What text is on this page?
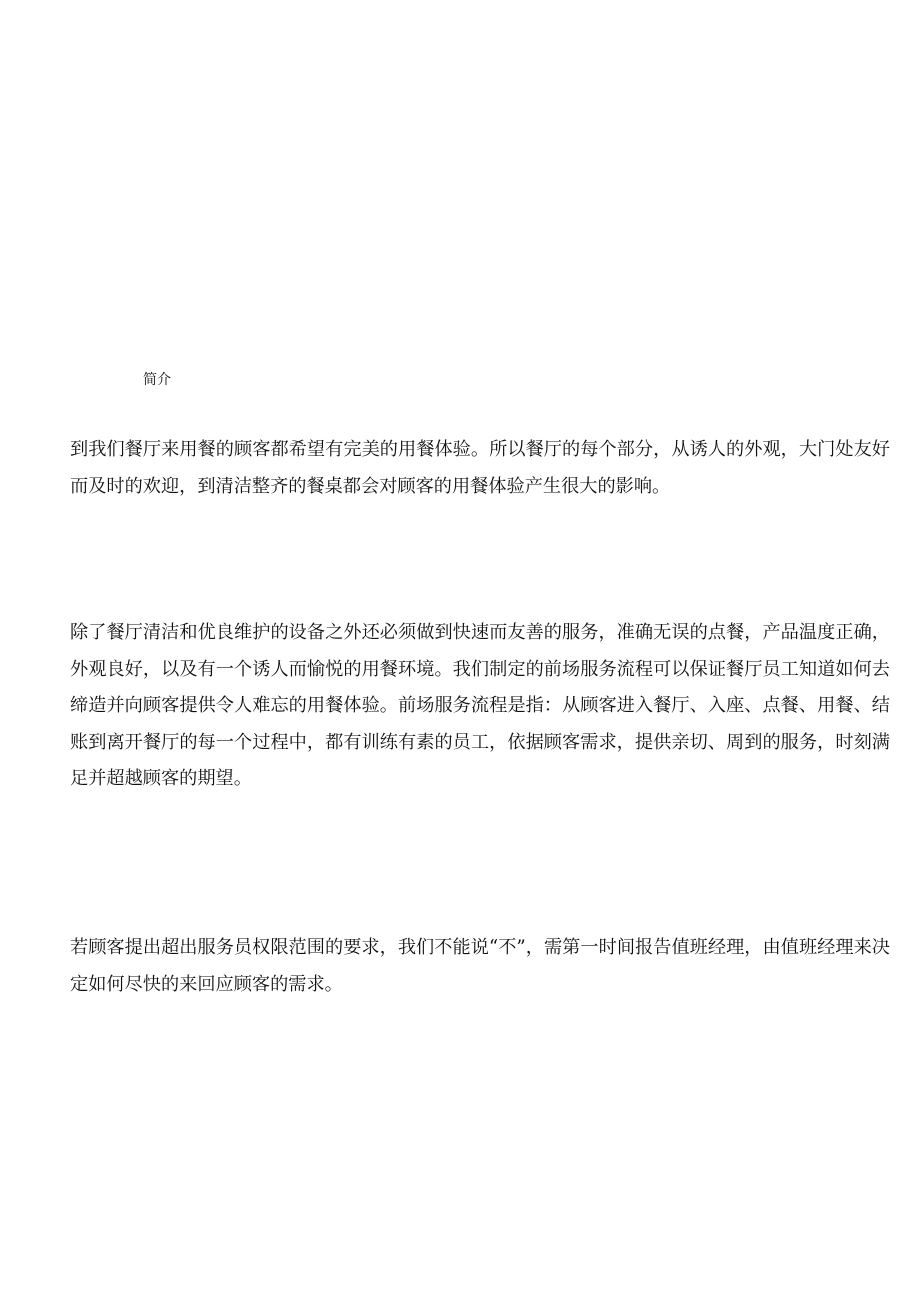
简介

到我们餐厅来用餐的顾客都希望有完美的用餐体验。所以餐厅的每个部分，从诱人的外观，大门处友好而及时的欢迎，到清洁整齐的餐桌都会对顾客的用餐体验产生很大的影响。

除了餐厅清洁和优良维护的设备之外还必须做到快速而友善的服务，准确无误的点餐，产品温度正确，外观良好，以及有一个诱人而愉悦的用餐环境。我们制定的前场服务流程可以保证餐厅员工知道如何去缔造并向顾客提供令人难忘的用餐体验。前场服务流程是指：从顾客进入餐厅、入座、点餐、用餐、结账到离开餐厅的每一个过程中，都有训练有素的员工，依据顾客需求，提供亲切、周到的服务，时刻满足并超越顾客的期望。

若顾客提出超出服务员权限范围的要求，我们不能说“不”，需第一时间报告值班经理，由值班经理来决定如何尽快的来回应顾客的需求。
